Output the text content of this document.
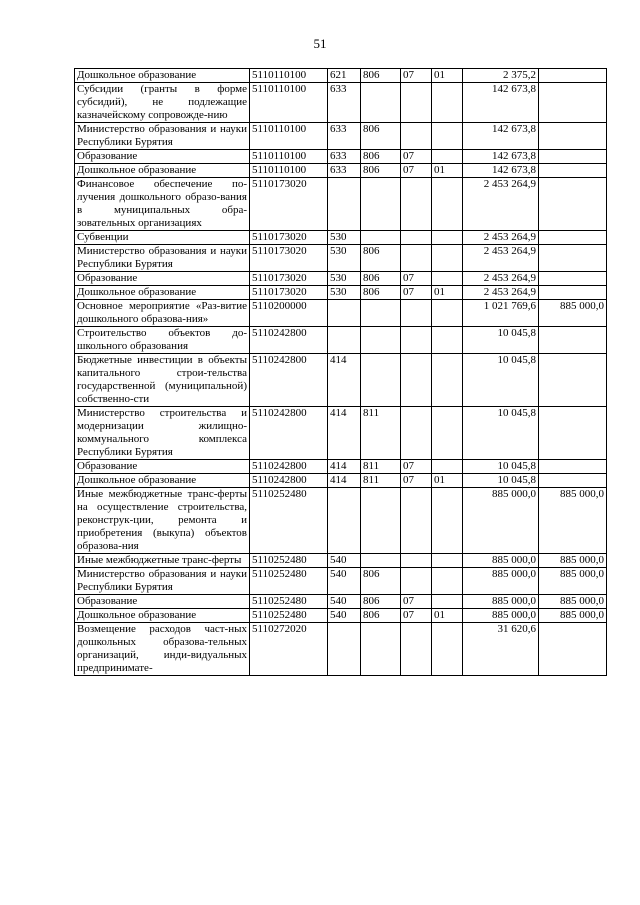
51
Дошкольное образование	5110110100	621	806	07	01	2 375,2	
Субсидии (гранты в форме субсидий), не подлежащие казначейскому сопровожде-нию	5110110100	633				142 673,8	
Министерство образования и науки Республики Бурятия	5110110100	633	806			142 673,8	
Образование	5110110100	633	806	07		142 673,8	
Дошкольное образование	5110110100	633	806	07	01	142 673,8	
Финансовое обеспечение по-лучения дошкольного образо-вания в муниципальных обра-зовательных организациях	5110173020					2 453 264,9	
Субвенции	5110173020	530				2 453 264,9	
Министерство образования и науки Республики Бурятия	5110173020	530	806			2 453 264,9	
Образование	5110173020	530	806	07		2 453 264,9	
Дошкольное образование	5110173020	530	806	07	01	2 453 264,9	
Основное мероприятие «Раз-витие дошкольного образова-ния»	5110200000					1 021 769,6	885 000,0
Строительство объектов до-школьного образования	5110242800					10 045,8	
Бюджетные инвестиции в объекты капитального строи-тельства государственной (муниципальной) собственно-сти	5110242800	414				10 045,8	
Министерство строительства и модернизации жилищно-коммунального комплекса Республики Бурятия	5110242800	414	811			10 045,8	
Образование	5110242800	414	811	07		10 045,8	
Дошкольное образование	5110242800	414	811	07	01	10 045,8	
Иные межбюджетные транс-ферты на осуществление строительства, реконструк-ции, ремонта и приобретения (выкупа) объектов образова-ния	5110252480					885 000,0	885 000,0
Иные межбюджетные транс-ферты	5110252480	540				885 000,0	885 000,0
Министерство образования и науки Республики Бурятия	5110252480	540	806			885 000,0	885 000,0
Образование	5110252480	540	806	07		885 000,0	885 000,0
Дошкольное образование	5110252480	540	806	07	01	885 000,0	885 000,0
Возмещение расходов част-ных дошкольных образова-тельных организаций, инди-видуальных предпринимате-	5110272020					31 620,6	
